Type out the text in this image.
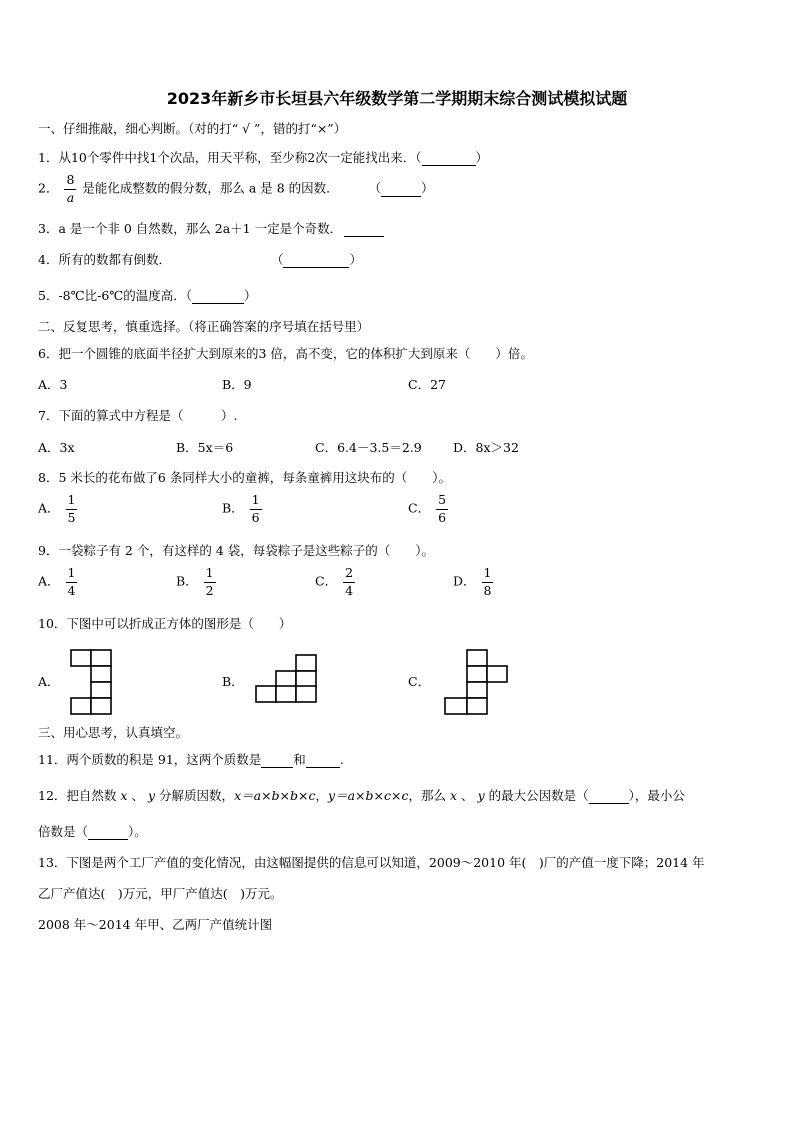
2023年新乡市长垣县六年级数学第二学期期末综合测试模拟试题
一、仔细推敲，细心判断。（对的打“ √ ”，错的打“×”）
1．从10个零件中找1个次品，用天平称，至少称2次一定能找出来．（	）
2． $\frac{8}{a}$ 是能化成整数的假分数，那么 a 是 8 的因数． （	）
3．a 是一个非 0 自然数，那么 2a＋1 一定是个奇数．
4．所有的数都有倒数．	（	）
5．-8℃比-6℃的温度高．（	）
二、反复思考，慎重选择。（将正确答案的序号填在括号里）
6．把一个圆锥的底面半径扩大到原来的3 倍，高不变，它的体积扩大到原来（　　）倍。
A．3	B．9	C．27
7．下面的算式中方程是（　　　）.
A．3x	B．5x＝6	C．6.4－3.5＝2.9	D．8x＞32
8．5 米长的花布做了6 条同样大小的童裤，每条童裤用这块布的（　　）。
A． $\frac{1}{5}$	B． $\frac{1}{6}$	C． $\frac{5}{6}$
9．一袋粽子有 2 个，有这样的 4 袋，每袋粽子是这些粽子的（　　）。
A． $\frac{1}{4}$	B． $\frac{1}{2}$	C． $\frac{2}{4}$	D． $\frac{1}{8}$
10．下图中可以折成正方体的图形是（　　）
A．	B．	C．
三、用心思考，认真填空。
11．两个质数的积是 91，这两个质数是	和	.
12．把自然数 x 、 y 分解质因数，x＝a×b×b×c，y＝a×b×c×c，那么 x 、 y 的最大公因数是（	），最小公
倍数是（	）。
13．下图是两个工厂产值的变化情况，由这幅图提供的信息可以知道，2009～2010 年(　)厂的产值一度下降；2014 年
乙厂产值达(　)万元，甲厂产值达(　)万元。
2008 年～2014 年甲、乙两厂产值统计图
